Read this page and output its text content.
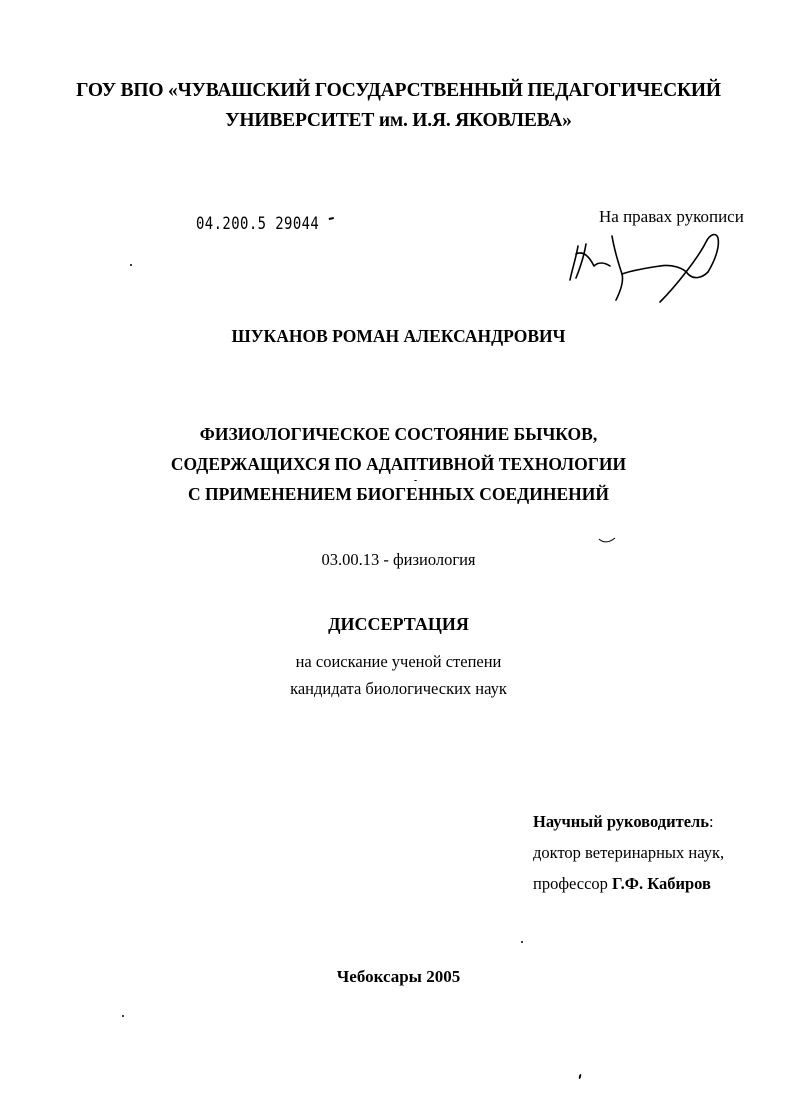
ГОУ ВПО «ЧУВАШСКИЙ ГОСУДАРСТВЕННЫЙ ПЕДАГОГИЧЕСКИЙ
УНИВЕРСИТЕТ им. И.Я. ЯКОВЛЕВА»
04.200.5 29044	На правах рукописи
ШУКАНОВ РОМАН АЛЕКСАНДРОВИЧ
ФИЗИОЛОГИЧЕСКОЕ СОСТОЯНИЕ БЫЧКОВ,
СОДЕРЖАЩИХСЯ ПО АДАПТИВНОЙ ТЕХНОЛОГИИ
С ПРИМЕНЕНИЕМ БИОГЕННЫХ СОЕДИНЕНИЙ
03.00.13 - физиология
ДИССЕРТАЦИЯ
на соискание ученой степени
кандидата биологических наук
Научный руководитель:
доктор ветеринарных наук,
профессор Г.Ф. Кабиров
Чебоксары 2005
